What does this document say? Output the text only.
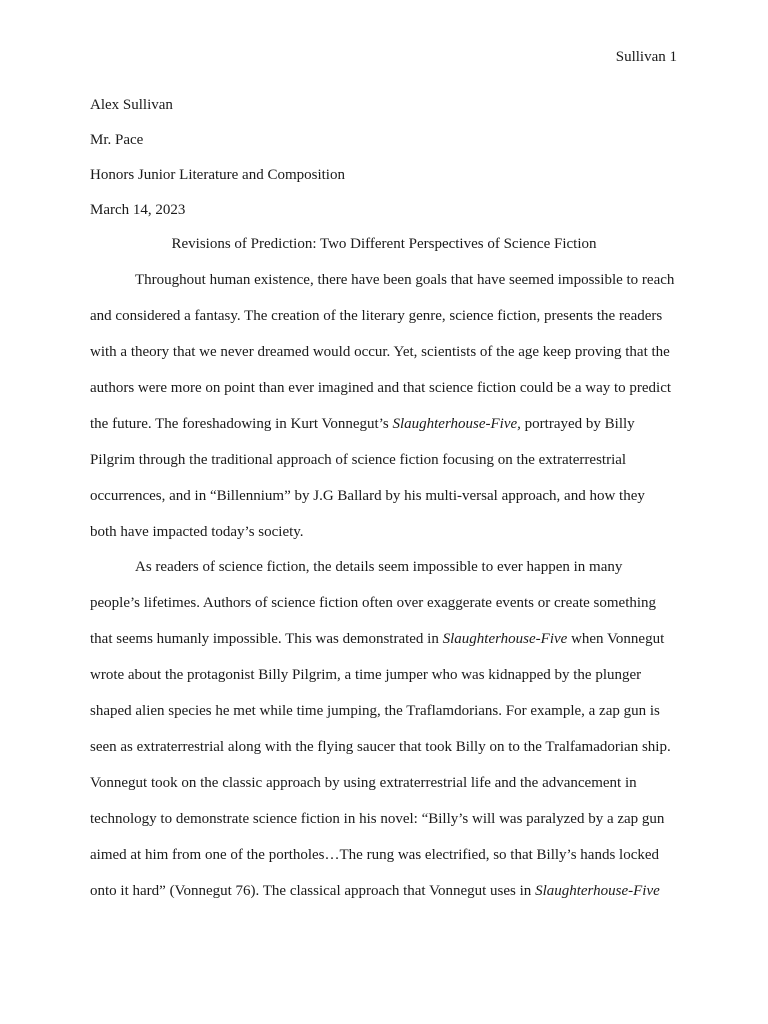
Sullivan 1
Alex Sullivan
Mr. Pace
Honors Junior Literature and Composition
March 14, 2023
Revisions of Prediction: Two Different Perspectives of Science Fiction
Throughout human existence, there have been goals that have seemed impossible to reach
and considered a fantasy. The creation of the literary genre, science fiction, presents the readers
with a theory that we never dreamed would occur. Yet, scientists of the age keep proving that the
authors were more on point than ever imagined and that science fiction could be a way to predict
the future. The foreshadowing in Kurt Vonnegut’s Slaughterhouse-Five, portrayed by Billy
Pilgrim through the traditional approach of science fiction focusing on the extraterrestrial
occurrences, and in “Billennium” by J.G Ballard by his multi-versal approach, and how they
both have impacted today’s society.
As readers of science fiction, the details seem impossible to ever happen in many
people’s lifetimes. Authors of science fiction often over exaggerate events or create something
that seems humanly impossible. This was demonstrated in Slaughterhouse-Five when Vonnegut
wrote about the protagonist Billy Pilgrim, a time jumper who was kidnapped by the plunger
shaped alien species he met while time jumping, the Traflamdorians. For example, a zap gun is
seen as extraterrestrial along with the flying saucer that took Billy on to the Tralfamadorian ship.
Vonnegut took on the classic approach by using extraterrestrial life and the advancement in
technology to demonstrate science fiction in his novel: “Billy’s will was paralyzed by a zap gun
aimed at him from one of the portholes…The rung was electrified, so that Billy’s hands locked
onto it hard” (Vonnegut 76). The classical approach that Vonnegut uses in Slaughterhouse-Five
